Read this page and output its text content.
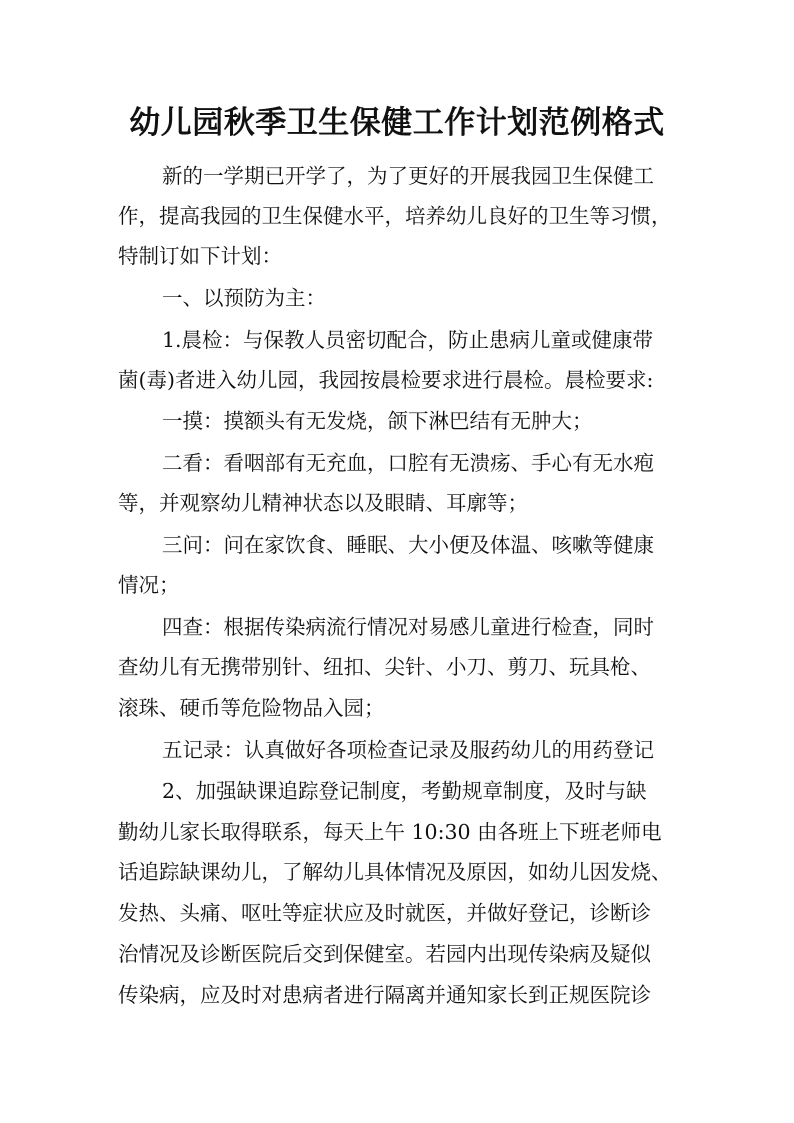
幼儿园秋季卫生保健工作计划范例格式
新的一学期已开学了，为了更好的开展我园卫生保健工
作，提高我园的卫生保健水平，培养幼儿良好的卫生等习惯，
特制订如下计划：
一、以预防为主：
1.晨检：与保教人员密切配合，防止患病儿童或健康带
菌(毒)者进入幼儿园，我园按晨检要求进行晨检。晨检要求:
一摸：摸额头有无发烧，颌下淋巴结有无肿大；
二看：看咽部有无充血，口腔有无溃疡、手心有无水疱
等，并观察幼儿精神状态以及眼睛、耳廓等；
三问：问在家饮食、睡眠、大小便及体温、咳嗽等健康
情况；
四查：根据传染病流行情况对易感儿童进行检查，同时
查幼儿有无携带别针、纽扣、尖针、小刀、剪刀、玩具枪、
滚珠、硬币等危险物品入园；
五记录：认真做好各项检查记录及服药幼儿的用药登记
2、加强缺课追踪登记制度，考勤规章制度，及时与缺
勤幼儿家长取得联系，每天上午 10:30 由各班上下班老师电
话追踪缺课幼儿，了解幼儿具体情况及原因，如幼儿因发烧、
发热、头痛、呕吐等症状应及时就医，并做好登记，诊断诊
治情况及诊断医院后交到保健室。若园内出现传染病及疑似
传染病，应及时对患病者进行隔离并通知家长到正规医院诊
